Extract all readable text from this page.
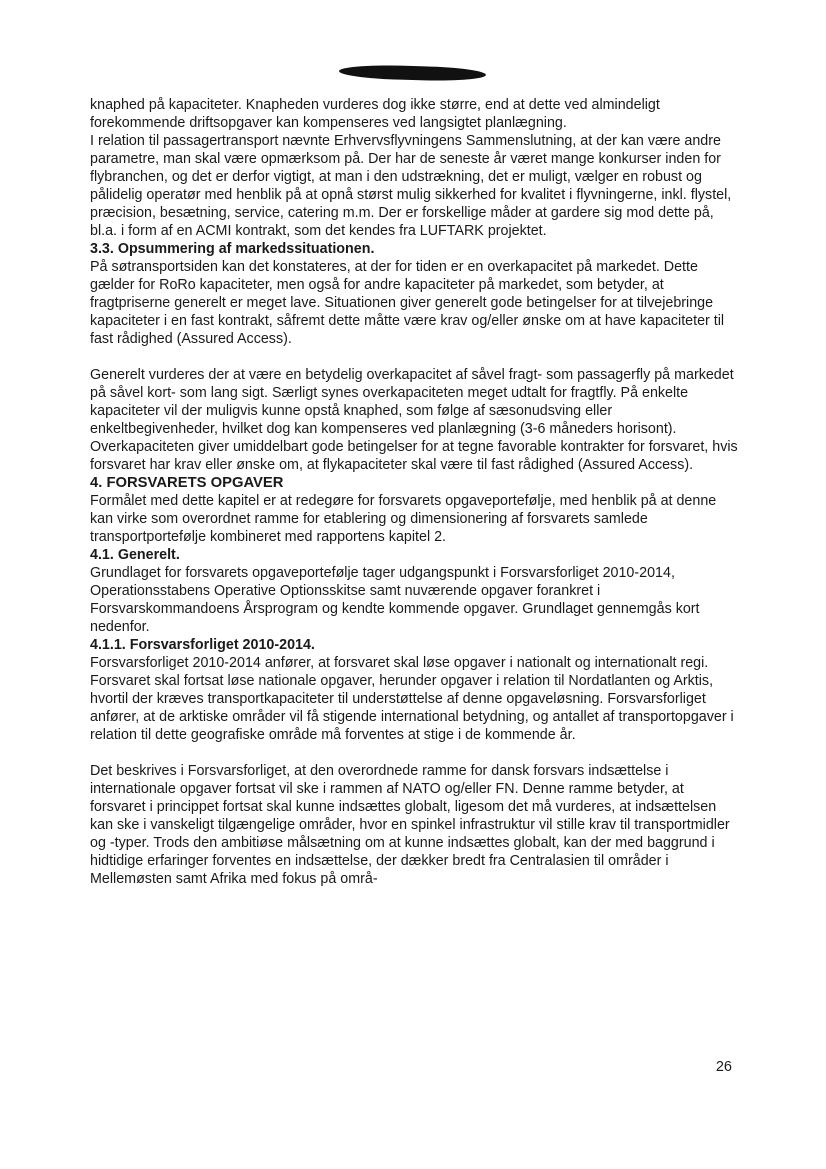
knaphed på kapaciteter. Knapheden vurderes dog ikke større, end at dette ved almindeligt forekommende driftsopgaver kan kompenseres ved langsigtet planlægning.

I relation til passagertransport nævnte Erhvervsflyvningens Sammenslutning, at der kan være andre parametre, man skal være opmærksom på. Der har de seneste år været mange konkurser inden for flybranchen, og det er derfor vigtigt, at man i den udstrækning, det er muligt, vælger en robust og pålidelig operatør med henblik på at opnå størst mulig sikkerhed for kvalitet i flyvningerne, inkl. flystel, præcision, besætning, service, catering m.m. Der er forskellige måder at gardere sig mod dette på, bl.a. i form af en ACMI kontrakt, som det kendes fra LUFTARK projektet.

3.3. Opsummering af markedssituationen.

På søtransportsiden kan det konstateres, at der for tiden er en overkapacitet på markedet. Dette gælder for RoRo kapaciteter, men også for andre kapaciteter på markedet, som betyder, at fragtpriserne generelt er meget lave. Situationen giver generelt gode betingelser for at tilvejebringe kapaciteter i en fast kontrakt, såfremt dette måtte være krav og/eller ønske om at have kapaciteter til fast rådighed (Assured Access).

Generelt vurderes der at være en betydelig overkapacitet af såvel fragt- som passagerfly på markedet på såvel kort- som lang sigt. Særligt synes overkapaciteten meget udtalt for fragtfly. På enkelte kapaciteter vil der muligvis kunne opstå knaphed, som følge af sæsonudsving eller enkeltbegivenheder, hvilket dog kan kompenseres ved planlægning (3-6 måneders horisont). Overkapaciteten giver umiddelbart gode betingelser for at tegne favorable kontrakter for forsvaret, hvis forsvaret har krav eller ønske om, at flykapaciteter skal være til fast rådighed (Assured Access).

4. FORSVARETS OPGAVER

Formålet med dette kapitel er at redegøre for forsvarets opgaveportefølje, med henblik på at denne kan virke som overordnet ramme for etablering og dimensionering af forsvarets samlede transportportefølje kombineret med rapportens kapitel 2.

4.1. Generelt.

Grundlaget for forsvarets opgaveportefølje tager udgangspunkt i Forsvarsforliget 2010-2014, Operationsstabens Operative Optionsskitse samt nuværende opgaver forankret i Forsvarskommandoens Årsprogram og kendte kommende opgaver. Grundlaget gennemgås kort nedenfor.

4.1.1. Forsvarsforliget 2010-2014.

Forsvarsforliget 2010-2014 anfører, at forsvaret skal løse opgaver i nationalt og internationalt regi. Forsvaret skal fortsat løse nationale opgaver, herunder opgaver i relation til Nordatlanten og Arktis, hvortil der kræves transportkapaciteter til understøttelse af denne opgaveløsning. Forsvarsforliget anfører, at de arktiske områder vil få stigende international betydning, og antallet af transportopgaver i relation til dette geografiske område må forventes at stige i de kommende år.

Det beskrives i Forsvarsforliget, at den overordnede ramme for dansk forsvars indsættelse i internationale opgaver fortsat vil ske i rammen af NATO og/eller FN. Denne ramme betyder, at forsvaret i princippet fortsat skal kunne indsættes globalt, ligesom det må vurderes, at indsættelsen kan ske i vanskeligt tilgængelige områder, hvor en spinkel infrastruktur vil stille krav til transportmidler og -typer. Trods den ambitiøse målsætning om at kunne indsættes globalt, kan der med baggrund i hidtidige erfaringer forventes en indsættelse, der dækker bredt fra Centralasien til områder i Mellemøsten samt Afrika med fokus på områ-

26
